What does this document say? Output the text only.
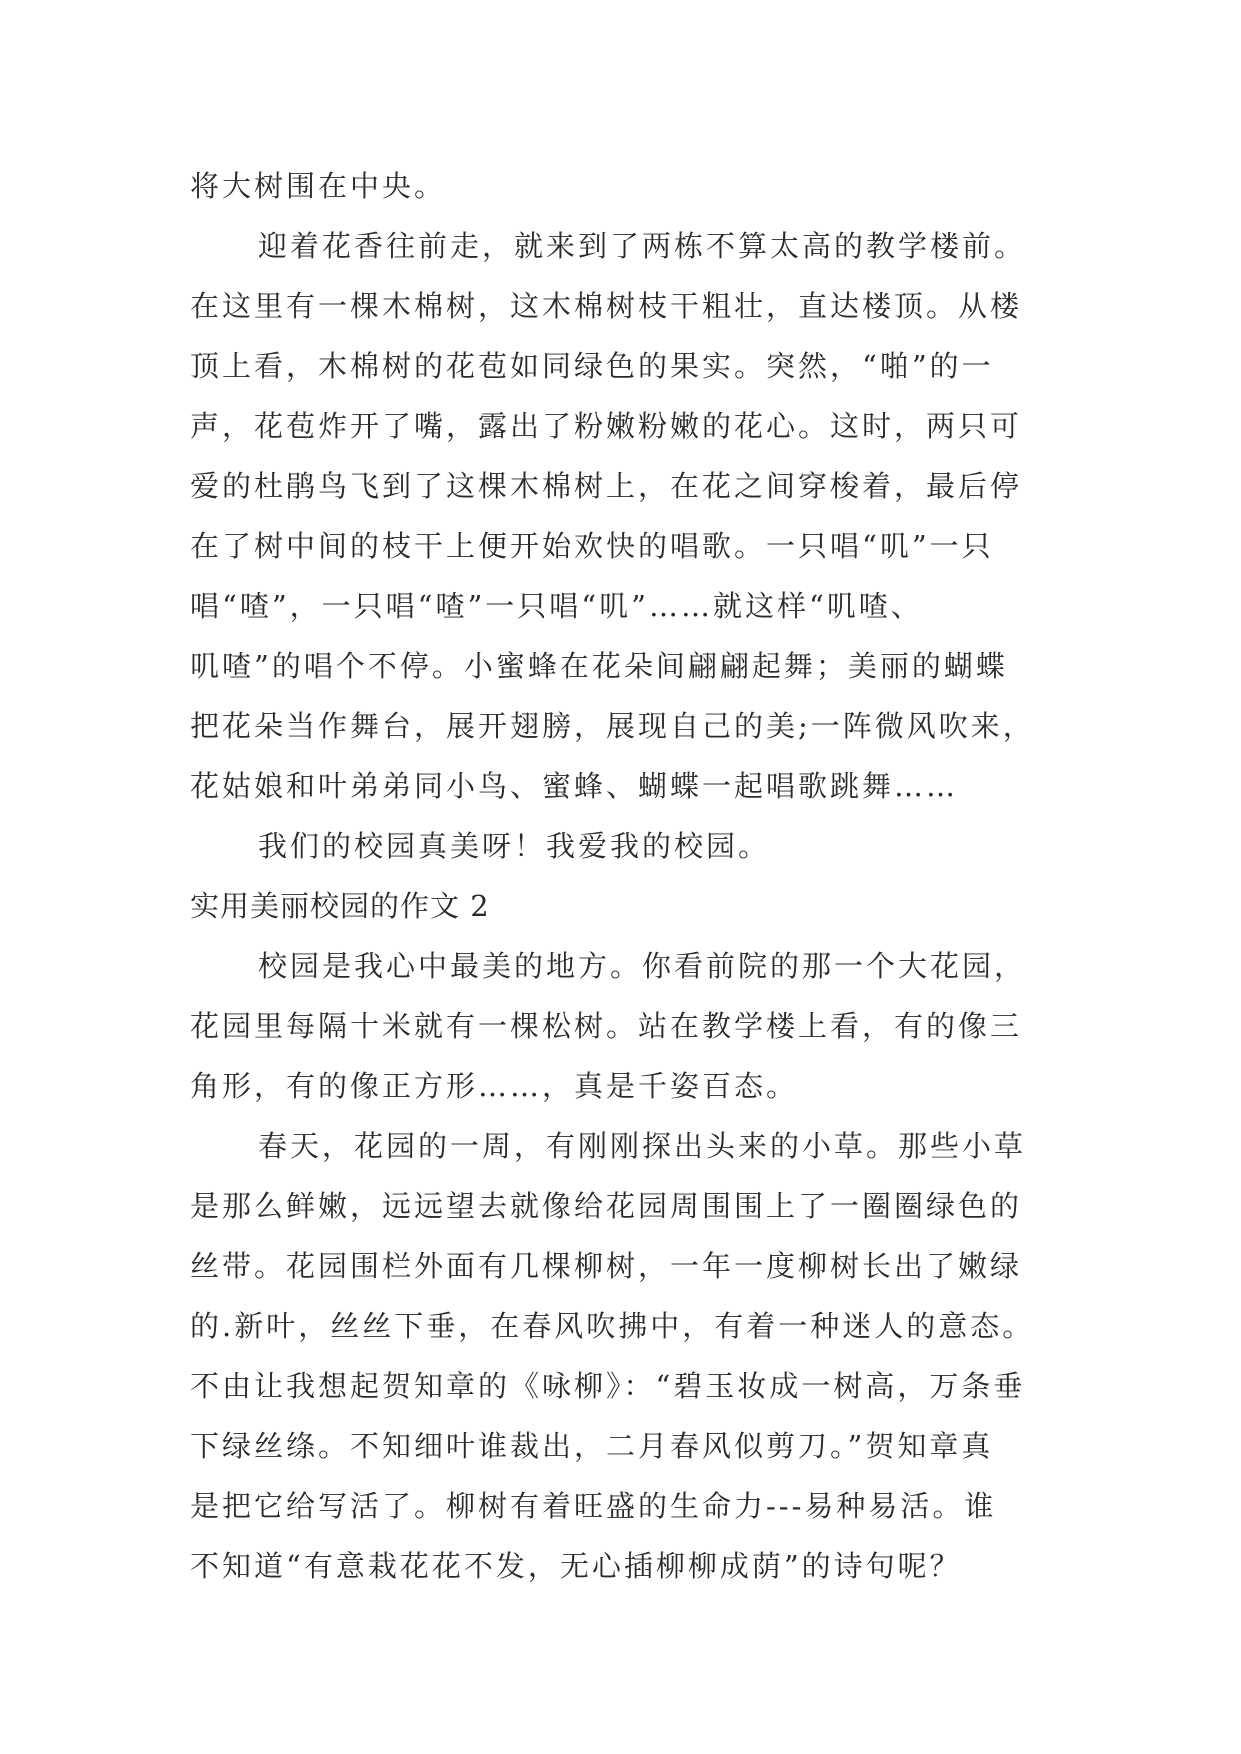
将大树围在中央。
迎着花香往前走，就来到了两栋不算太高的教学楼前。
在这里有一棵木棉树，这木棉树枝干粗壮，直达楼顶。从楼
顶上看，木棉树的花苞如同绿色的果实。突然，“啪”的一
声，花苞炸开了嘴，露出了粉嫩粉嫩的花心。这时，两只可
爱的杜鹃鸟飞到了这棵木棉树上，在花之间穿梭着，最后停
在了树中间的枝干上便开始欢快的唱歌。一只唱“叽”一只
唱“喳”，一只唱“喳”一只唱“叽”……就这样“叽喳、
叽喳”的唱个不停。小蜜蜂在花朵间翩翩起舞；美丽的蝴蝶
把花朵当作舞台，展开翅膀，展现自己的美;一阵微风吹来，
花姑娘和叶弟弟同小鸟、蜜蜂、蝴蝶一起唱歌跳舞……
我们的校园真美呀！我爱我的校园。
实用美丽校园的作文 2
校园是我心中最美的地方。你看前院的那一个大花园，
花园里每隔十米就有一棵松树。站在教学楼上看，有的像三
角形，有的像正方形……，真是千姿百态。
春天，花园的一周，有刚刚探出头来的小草。那些小草
是那么鲜嫩，远远望去就像给花园周围围上了一圈圈绿色的
丝带。花园围栏外面有几棵柳树，一年一度柳树长出了嫩绿
的.新叶，丝丝下垂，在春风吹拂中，有着一种迷人的意态。
不由让我想起贺知章的《咏柳》：“碧玉妆成一树高，万条垂
下绿丝绦。不知细叶谁裁出，二月春风似剪刀。”贺知章真
是把它给写活了。柳树有着旺盛的生命力---易种易活。谁
不知道“有意栽花花不发，无心插柳柳成荫”的诗句呢？
